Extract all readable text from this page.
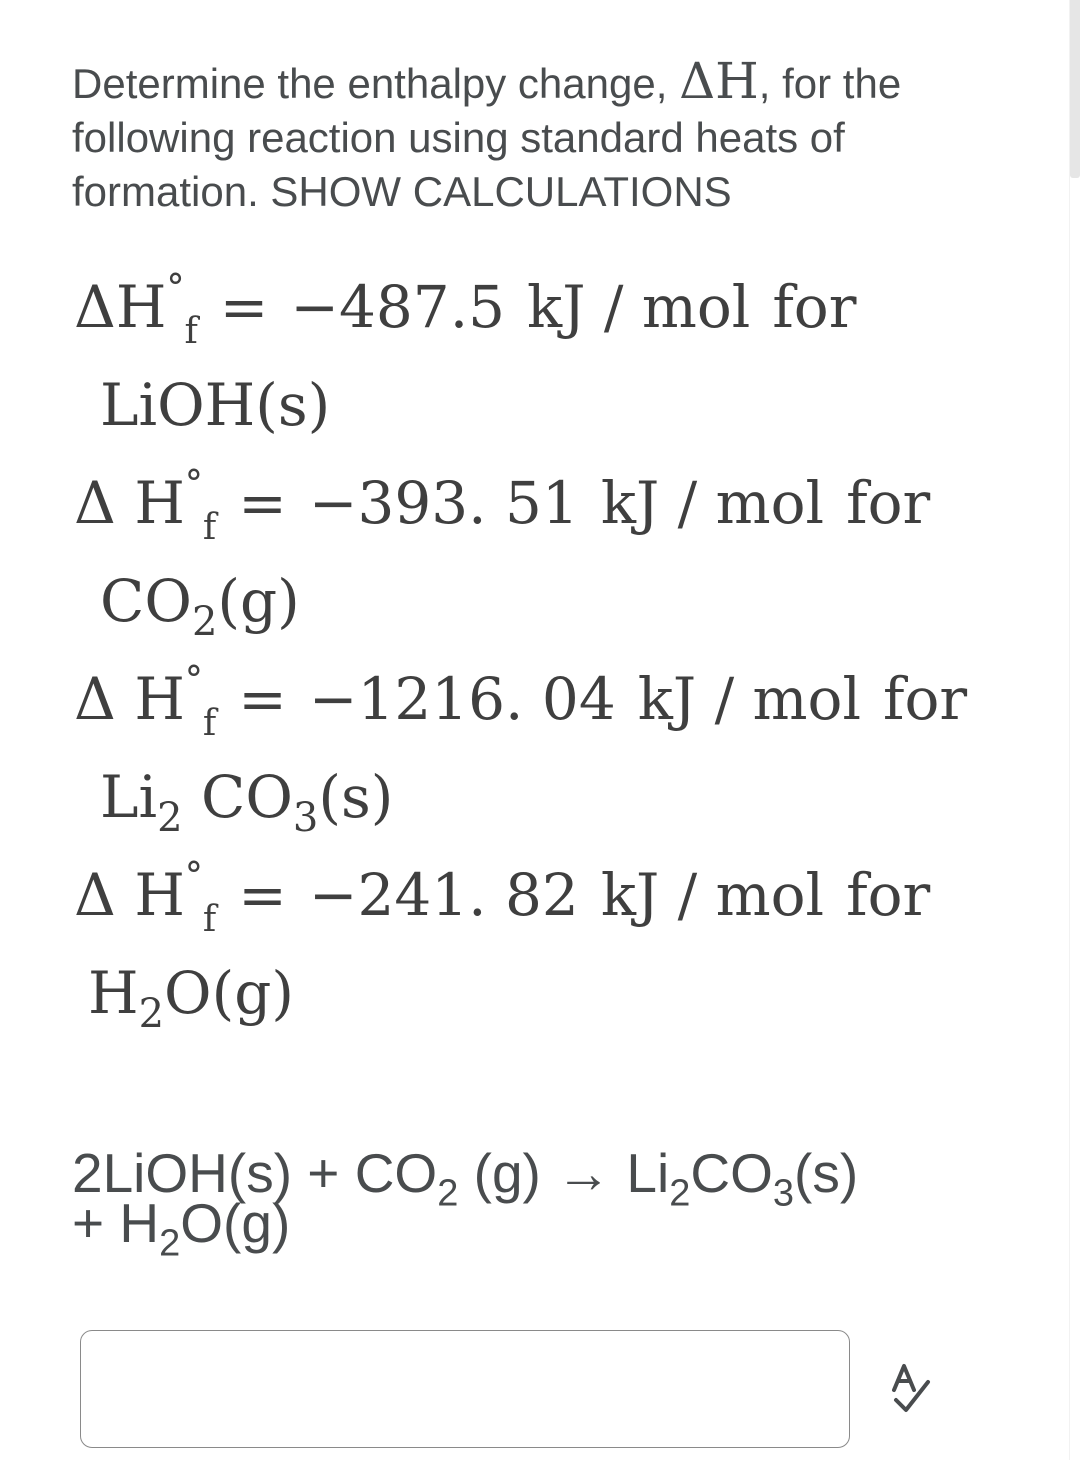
Determine the enthalpy change, ΔH, for the following reaction using standard heats of formation. SHOW CALCULATIONS
$\Delta H^\circ_f = -487.5$ kJ / mol for
LiOH(s)
Δ $H^\circ_f = -393$. 51 kJ / mol for
$CO_2(g)$
Δ $H^\circ_f = -1216$. 04 kJ / mol for
$Li_2$ $CO_3(s)$
Δ $H^\circ_f = -241$. 82 kJ / mol for
$H_2O(g)$
2LiOH(s) + $CO_2$ $(g) \to Li_2CO_3(s)$
+ $H_2O(g)$
